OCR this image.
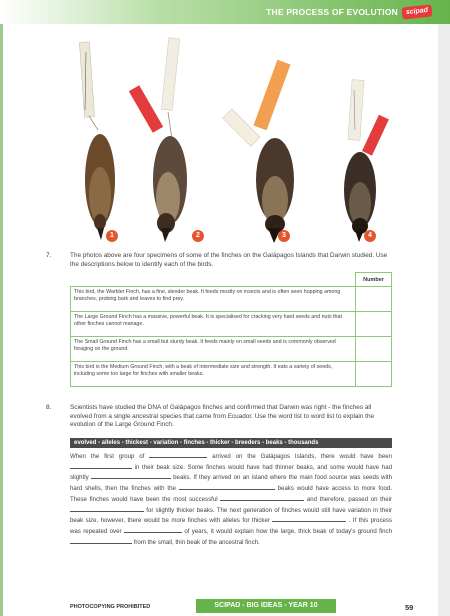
THE PROCESS OF EVOLUTION	scipad
1	2	3	4
7.	The photos above are four specimens of some of the finches on the Galápagos Islands that Darwin studied. Use the descriptions below to identify each of the birds.
	Number
This bird, the Warbler Finch, has a fine, slender beak. It feeds mostly on insects and is often seen hopping among branches, probing bark and leaves to find prey.	
The Large Ground Finch has a massive, powerful beak. It is specialised for cracking very hard seeds and nuts that other finches cannot manage.	
The Small Ground Finch has a small but sturdy beak. It feeds mainly on small seeds and is commonly observed foraging on the ground.	
This bird is the Medium Ground Finch, with a beak of intermediate size and strength. It eats a variety of seeds, including some too large for finches with smaller beaks.	
8.	Scientists have studied the DNA of Galápagos finches and confirmed that Darwin was right - the finches all evolved from a single ancestral species that came from Ecuador. Use the word list to word list to explain the evolution of the Large Ground Finch.
evolved - alleles - thickest - variation - finches - thicker - breeders - beaks - thousands
When the first group of	arrived on the Galápagos Islands, there would have been  in their beak size. Some finches would have had thinner beaks, and some would have had slightly	beaks. If they arrived on an island where the main food source was seeds with hard shells, then the finches with the	beaks would have access to more food. These finches would have been the most successful	and therefore, passed on their  for slightly thicker beaks. The next generation of finches would still have variation in their beak size, however, there would be more finches with alleles for thicker	. If this process was repeated over	of years, it would explain how the large, thick beak of today's ground finch  from the small, thin beak of the ancestral finch.
PHOTOCOPYING PROHIBITED	SCIPAD - BIG IDEAS - YEAR 10	59
